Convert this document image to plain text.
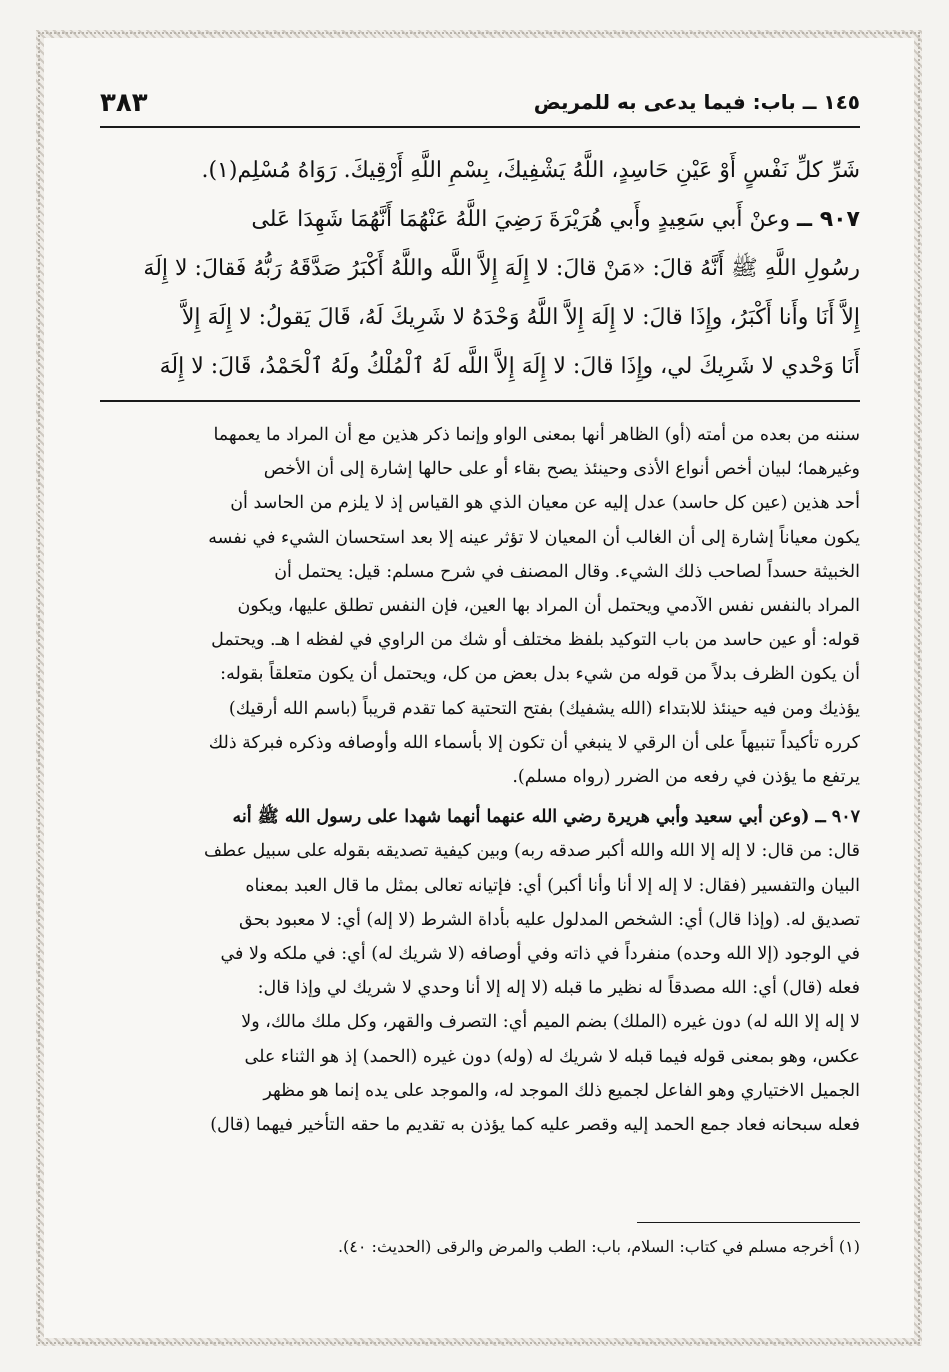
١٤٥ ــ باب: فيما يدعى به للمريض
٣٨٣
شَرِّ كلِّ نَفْسٍ أَوْ عَيْنِ حَاسِدٍ، اللَّهُ يَشْفِيكَ، بِسْمِ اللَّهِ أَرْقِيكَ. رَوَاهُ مُسْلِم(١).
٩٠٧ ــ وعنْ أَبي سَعِيدٍ وأَبي هُرَيْرَةَ رَضِيَ اللَّهُ عَنْهُمَا أَنَّهُمَا شَهِدَا عَلى
رسُولِ اللَّهِ ﷺ أَنَّهُ قالَ: «مَنْ قالَ: لا إِلَهَ إِلاَّ اللَّه واللَّهُ أَكْبَرُ صَدَّقَهُ رَبُّهُ فَقالَ: لا إِلَهَ
إِلاَّ أَنَا وأَنا أَكْبَرُ، وإِذَا قالَ: لا إِلَهَ إِلاَّ اللَّهُ وَحْدَهُ لا شَرِيكَ لَهُ، قَالَ يَقولُ: لا إِلَهَ إِلاَّ
أَنَا وَحْدي لا شَرِيكَ لي، وإِذَا قالَ: لا إِلَهَ إِلاَّ اللَّه لَهُ ٱلْمُلْكُ ولَهُ ٱلْحَمْدُ، قَالَ: لا إِلَهَ
سننه من بعده من أمته (أو) الظاهر أنها بمعنى الواو وإنما ذكر هذين مع أن المراد ما يعمهما
وغيرهما؛ لبيان أخص أنواع الأذى وحينئذ يصح بقاء أو على حالها إشارة إلى أن الأخص
أحد هذين (عين كل حاسد) عدل إليه عن معيان الذي هو القياس إذ لا يلزم من الحاسد أن
يكون معياناً إشارة إلى أن الغالب أن المعيان لا تؤثر عينه إلا بعد استحسان الشيء في نفسه
الخبيثة حسداً لصاحب ذلك الشيء. وقال المصنف في شرح مسلم: قيل: يحتمل أن
المراد بالنفس نفس الآدمي ويحتمل أن المراد بها العين، فإن النفس تطلق عليها، ويكون
قوله: أو عين حاسد من باب التوكيد بلفظ مختلف أو شك من الراوي في لفظه ا هـ. ويحتمل
أن يكون الظرف بدلاً من قوله من شيء بدل بعض من كل، ويحتمل أن يكون متعلقاً بقوله:
يؤذيك ومن فيه حينئذ للابتداء (الله يشفيك) بفتح التحتية كما تقدم قريباً (باسم الله أرقيك)
كرره تأكيداً تنبيهاً على أن الرقي لا ينبغي أن تكون إلا بأسماء الله وأوصافه وذكره فبركة ذلك
يرتفع ما يؤذن في رفعه من الضرر (رواه مسلم).
٩٠٧ ــ (وعن أبي سعيد وأبي هريرة رضي الله عنهما أنهما شهدا على رسول الله ﷺ أنه
قال: من قال: لا إله إلا الله والله أكبر صدقه ربه) وبين كيفية تصديقه بقوله على سبيل عطف
البيان والتفسير (فقال: لا إله إلا أنا وأنا أكبر) أي: فإتيانه تعالى بمثل ما قال العبد بمعناه
تصديق له. (وإذا قال) أي: الشخص المدلول عليه بأداة الشرط (لا إله) أي: لا معبود بحق
في الوجود (إلا الله وحده) منفرداً في ذاته وفي أوصافه (لا شريك له) أي: في ملكه ولا في
فعله (قال) أي: الله مصدقاً له نظير ما قبله (لا إله إلا أنا وحدي لا شريك لي وإذا قال:
لا إله إلا الله له) دون غيره (الملك) بضم الميم أي: التصرف والقهر، وكل ملك مالك، ولا
عكس، وهو بمعنى قوله فيما قبله لا شريك له (وله) دون غيره (الحمد) إذ هو الثناء على
الجميل الاختياري وهو الفاعل لجميع ذلك الموجد له، والموجد على يده إنما هو مظهر
فعله سبحانه فعاد جمع الحمد إليه وقصر عليه كما يؤذن به تقديم ما حقه التأخير فيهما (قال)
(١) أخرجه مسلم في كتاب: السلام، باب: الطب والمرض والرقى (الحديث: ٤٠).
